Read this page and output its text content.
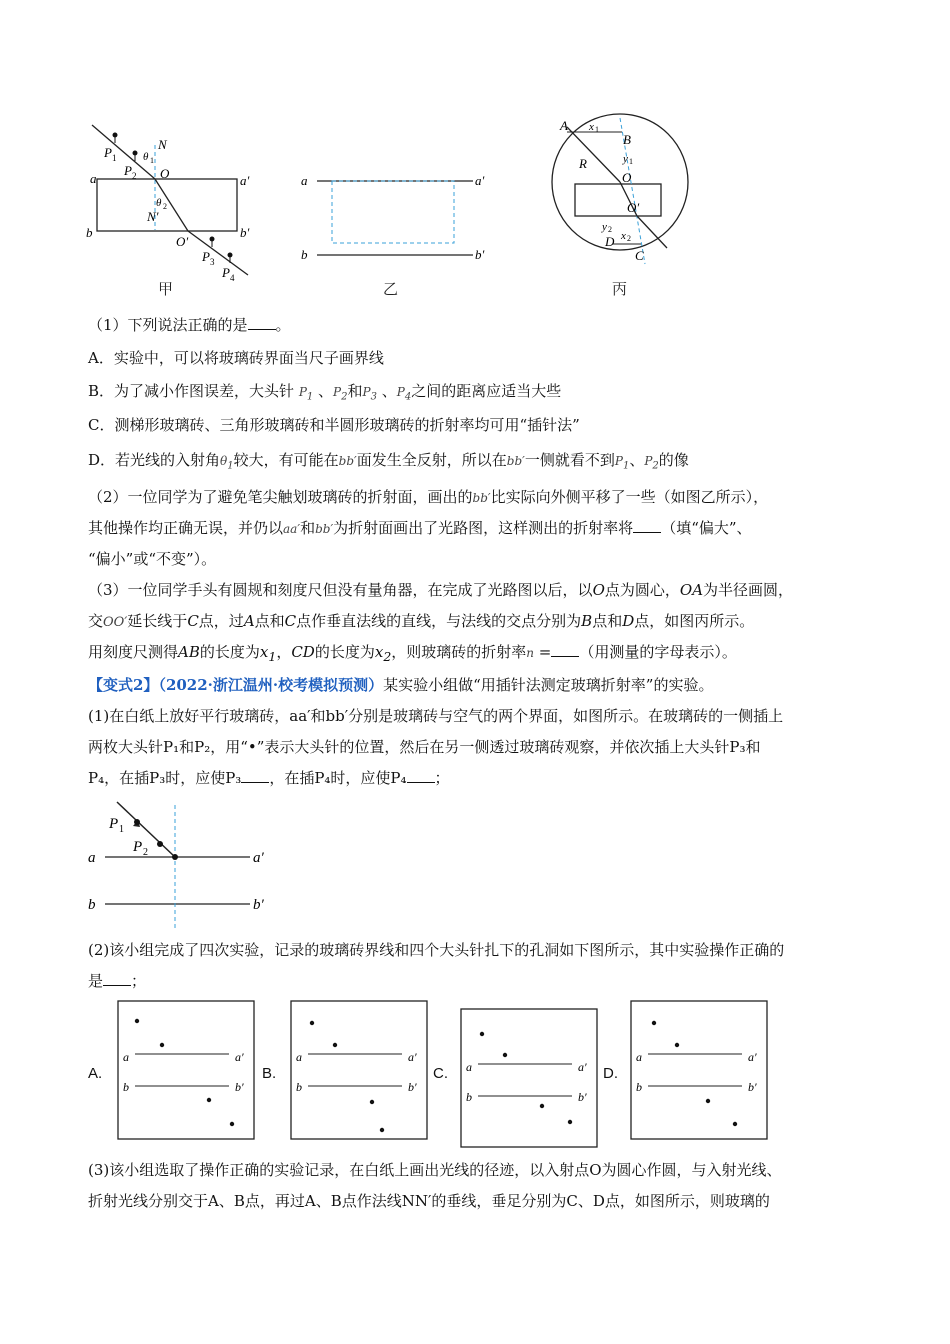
P 1
P 2
θ 1
N
O
a	a′
θ 2
N′
b	b′
O′
P 3
P 4
甲
a	a′
b	b′
乙
A x 1
B
y 1
R
O
O′
y 2
x 2
D
C
丙
（1）下列说法正确的是 。
A．实验中，可以将玻璃砖界面当尺子画界线
B．为了减小作图误差，大头针 $P_1$ 、$P_2$和$P_3$ 、$P_4$之间的距离应适当大些
C．测梯形玻璃砖、三角形玻璃砖和半圆形玻璃砖的折射率均可用“插针法”
D．若光线的入射角$\theta_1$较大，有可能在bb′面发生全反射，所以在bb′一侧就看不到$P_1$、$P_2$的像
（2）一位同学为了避免笔尖触划玻璃砖的折射面，画出的bb′比实际向外侧平移了一些（如图乙所示），
其他操作均正确无误，并仍以aa′和bb′为折射面画出了光路图，这样测出的折射率将 （填“偏大”、
“偏小”或“不变”）。
（3）一位同学手头有圆规和刻度尺但没有量角器，在完成了光路图以后，以O点为圆心，OA为半径画圆，
交OO′延长线于C点，过A点和C点作垂直法线的直线，与法线的交点分别为B点和D点，如图丙所示。
用刻度尺测得AB的长度为$x_1$，CD的长度为$x_2$，则玻璃砖的折射率n = （用测量的字母表示）。
【变式2】（2022·浙江温州·校考模拟预测）某实验小组做“用插针法测定玻璃折射率”的实验。
(1)在白纸上放好平行玻璃砖，aa′和bb′分别是玻璃砖与空气的两个界面，如图所示。在玻璃砖的一侧插上
两枚大头针P₁和P₂，用“•”表示大头针的位置，然后在另一侧透过玻璃砖观察，并依次插上大头针P₃和
P₄，在插P₃时，应使P₃ ，在插P₄时，应使P₄ ；
P 1
P 2
a	a′
b	b′
(2)该小组完成了四次实验，记录的玻璃砖界线和四个大头针扎下的孔洞如下图所示，其中实验操作正确的
是 ；
A.
a	a′
b	b′
B.
a	a′
b	b′
C. a	a′
b	b′
D.
a	a′
b	b′
(3)该小组选取了操作正确的实验记录，在白纸上画出光线的径迹，以入射点O为圆心作圆，与入射光线、
折射光线分别交于A、B点，再过A、B点作法线NN′的垂线，垂足分别为C、D点，如图所示，则玻璃的
